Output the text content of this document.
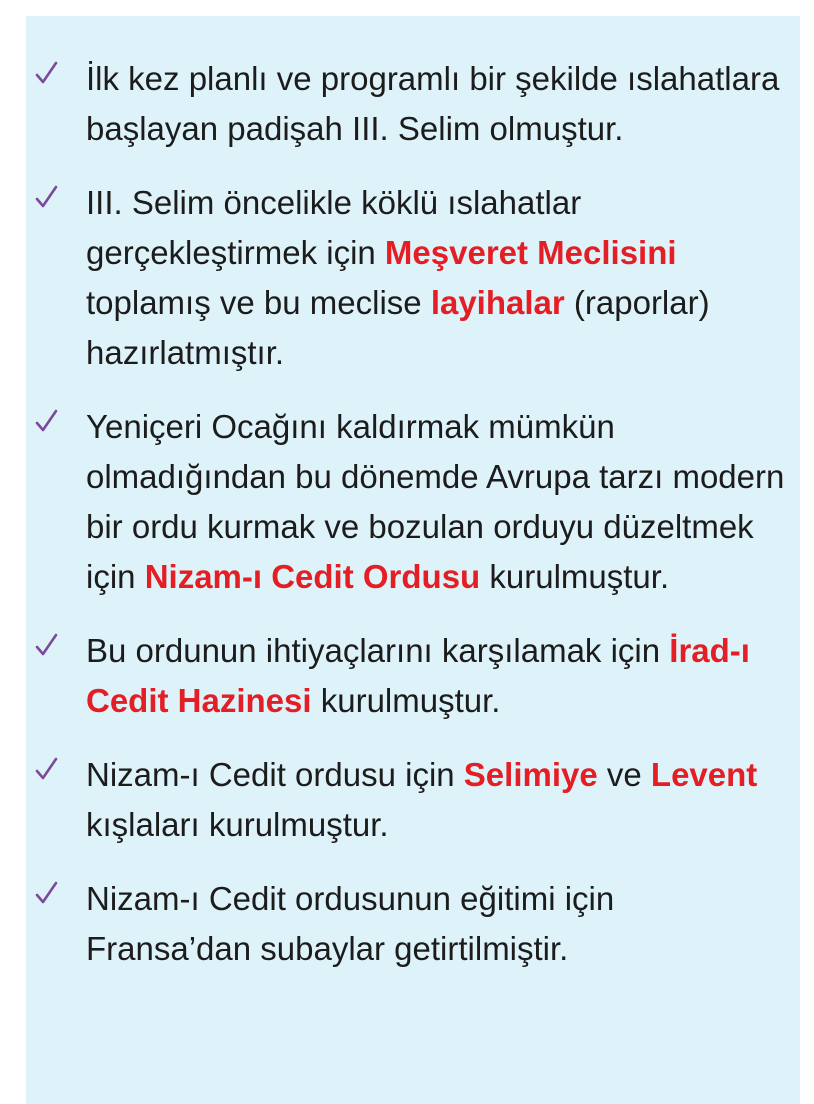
İlk kez planlı ve programlı bir şekilde ıslahatlara başlayan padişah III. Selim olmuştur.
III. Selim öncelikle köklü ıslahatlar gerçekleştirmek için Meşveret Meclisini toplamış ve bu meclise layihalar (raporlar) hazırlatmıştır.
Yeniçeri Ocağını kaldırmak mümkün olmadığından bu dönemde Avrupa tarzı modern bir ordu kurmak ve bozulan orduyu düzeltmek için Nizam-ı Cedit Ordusu kurulmuştur.
Bu ordunun ihtiyaçlarını karşılamak için İrad-ı Cedit Hazinesi kurulmuştur.
Nizam-ı Cedit ordusu için Selimiye ve Levent kışlaları kurulmuştur.
Nizam-ı Cedit ordusunun eğitimi için Fransa’dan subaylar getirtilmiştir.
